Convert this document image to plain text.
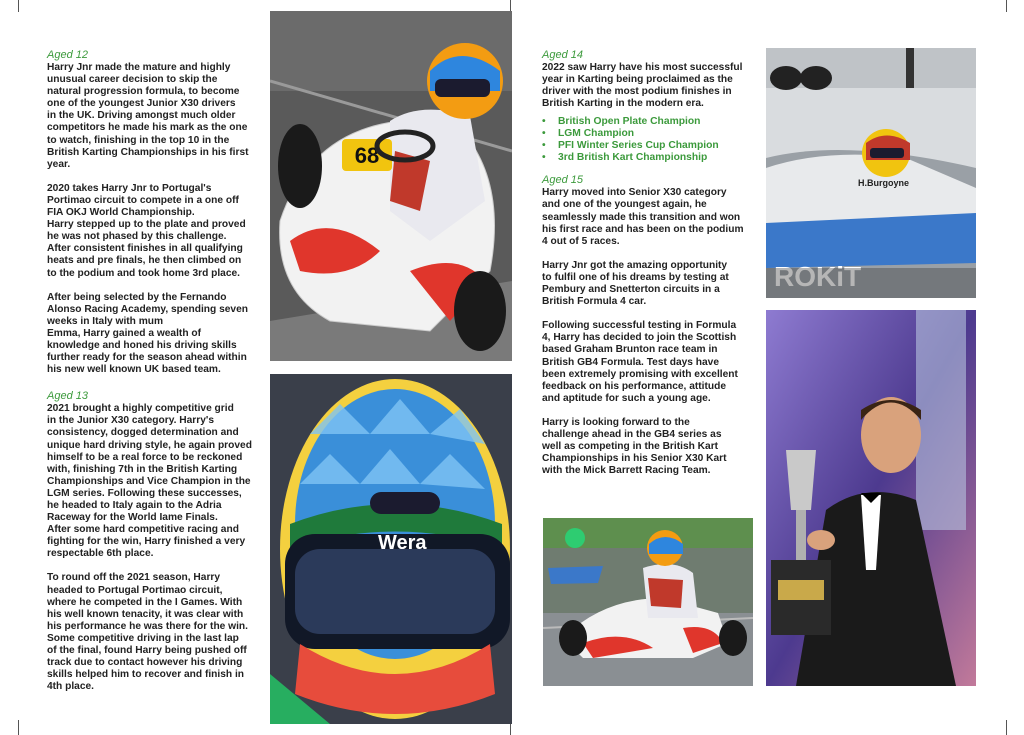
Aged 12

Harry Jnr made the mature and highly
unusual career decision to skip the
natural progression formula, to become
one of the youngest Junior X30 drivers
in the UK. Driving amongst much older
competitors he made his mark as the one
to watch, finishing in the top 10 in the
British Karting Championships in his first
year.

2020 takes Harry Jnr to Portugal's
Portimao circuit to compete in a one off
FIA OKJ World Championship.
Harry stepped up to the plate and proved
he was not phased by this challenge.
After consistent finishes in all qualifying
heats and pre finals, he then climbed on
to the podium and took home 3rd place.

After being selected by the Fernando
Alonso Racing Academy, spending seven
weeks in Italy with mum
Emma, Harry gained a wealth of
knowledge and honed his driving skills
further ready for the season ahead within
his new well known UK based team.

Aged 13

2021 brought a highly competitive grid
in the Junior X30 category. Harry's
consistency, dogged determination and
unique hard driving style, he again proved
himself to be a real force to be reckoned
with, finishing 7th in the British Karting
Championships and Vice Champion in the
LGM series. Following these successes,
he headed to Italy again to the Adria
Raceway for the World Iame Finals.
After some hard competitive racing and
fighting for the win, Harry finished a very
respectable 6th place.

To round off the 2021 season, Harry
headed to Portugal Portimao circuit,
where he competed in the I Games. With
his well known tenacity, it was clear with
his performance he was there for the win.
Some competitive driving in the last lap
of the final, found Harry being pushed off
track due to contact however his driving
skills helped him to recover and finish in
4th place.

68
Wera
Aged 14

2022 saw Harry have his most successful
year in Karting being proclaimed as the
driver with the most podium finishes in
British Karting in the modern era.

• British Open Plate Champion
• LGM Champion
• PFI Winter Series Cup Champion
• 3rd British Kart Championship
Aged 15

Harry moved into Senior X30 category
and one of the youngest again, he
seamlessly made this transition and won
his first race and has been on the podium
4 out of 5 races.

Harry Jnr got the amazing opportunity
to fulfil one of his dreams by testing at
Pembury and Snetterton circuits in a
British Formula 4 car.

Following successful testing in Formula
4, Harry has decided to join the Scottish
based Graham Brunton race team in
British GB4 Formula. Test days have
been extremely promising with excellent
feedback on his performance, attitude
and aptitude for such a young age.

Harry is looking forward to the
challenge ahead in the GB4 series as
well as competing in the British Kart
Championships in his Senior X30 Kart
with the Mick Barrett Racing Team.

H.Burgoyne
ROKiT
